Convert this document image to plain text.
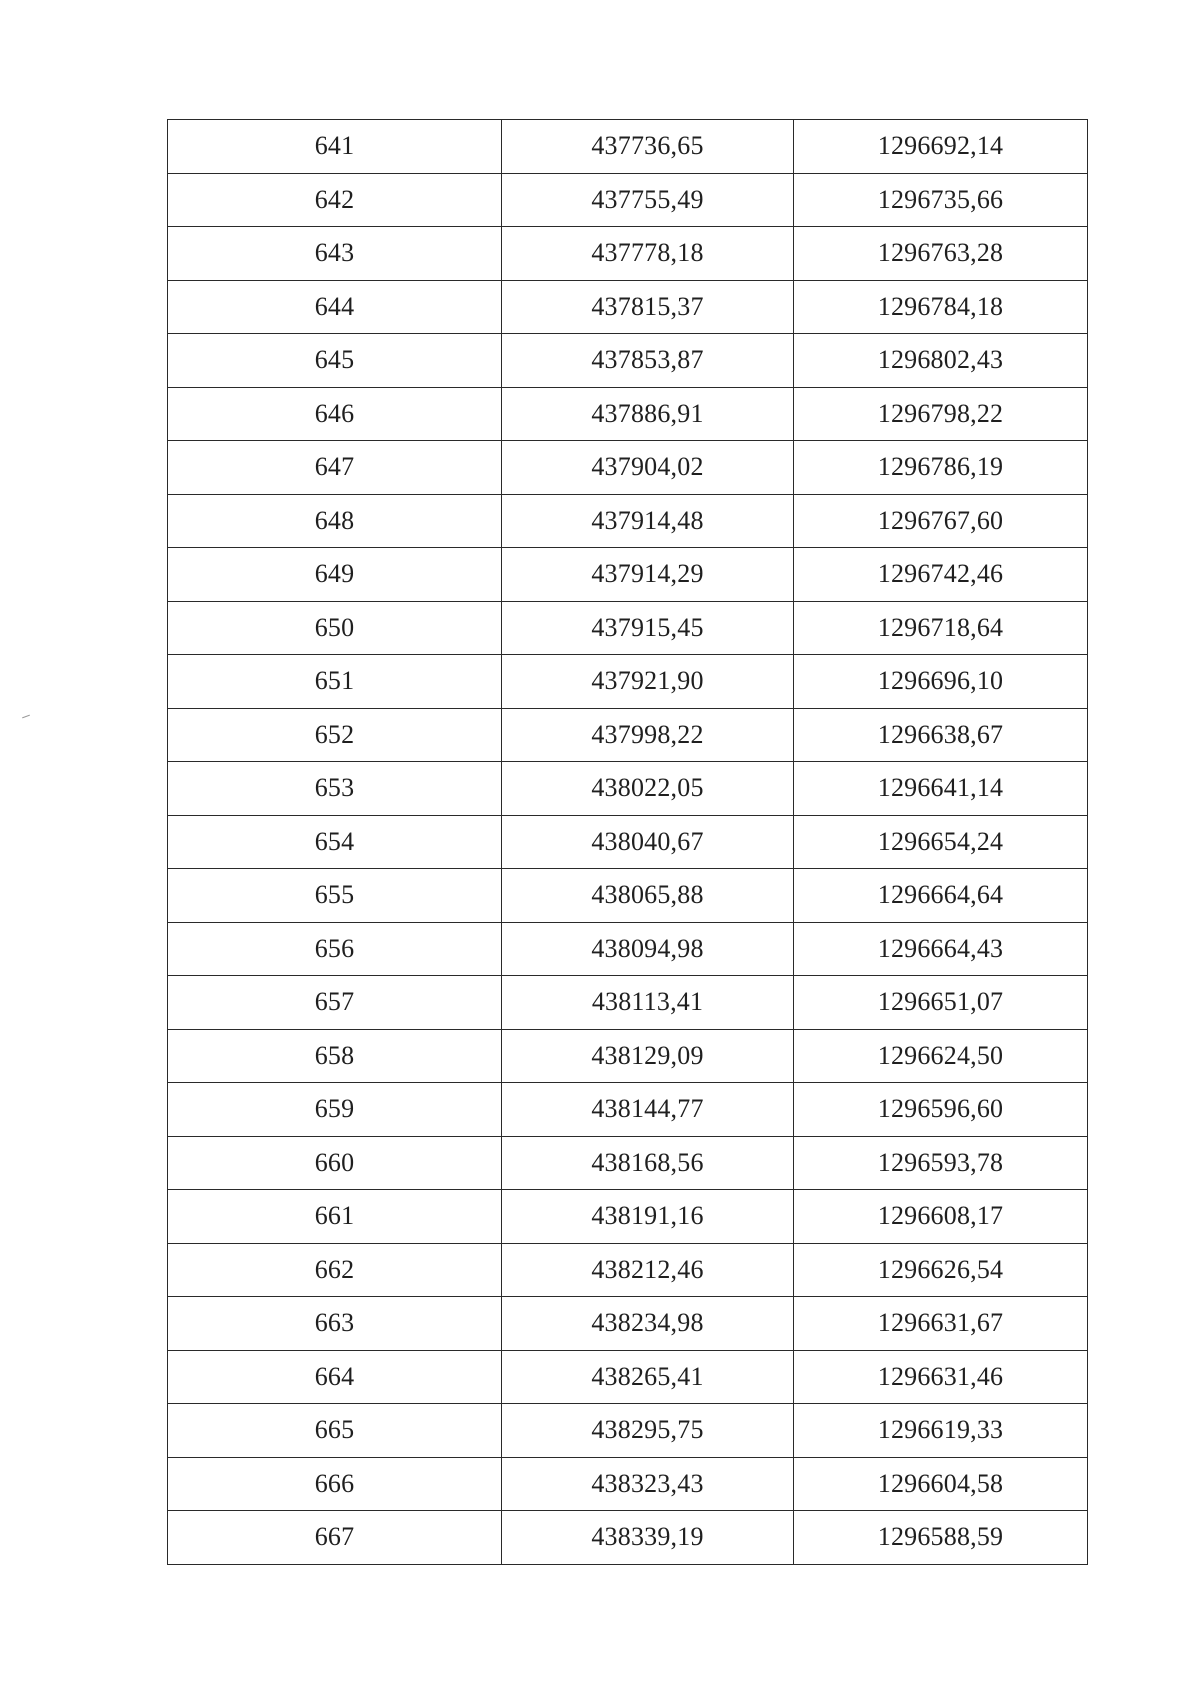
641	437736,65	1296692,14
642	437755,49	1296735,66
643	437778,18	1296763,28
644	437815,37	1296784,18
645	437853,87	1296802,43
646	437886,91	1296798,22
647	437904,02	1296786,19
648	437914,48	1296767,60
649	437914,29	1296742,46
650	437915,45	1296718,64
651	437921,90	1296696,10
652	437998,22	1296638,67
653	438022,05	1296641,14
654	438040,67	1296654,24
655	438065,88	1296664,64
656	438094,98	1296664,43
657	438113,41	1296651,07
658	438129,09	1296624,50
659	438144,77	1296596,60
660	438168,56	1296593,78
661	438191,16	1296608,17
662	438212,46	1296626,54
663	438234,98	1296631,67
664	438265,41	1296631,46
665	438295,75	1296619,33
666	438323,43	1296604,58
667	438339,19	1296588,59
